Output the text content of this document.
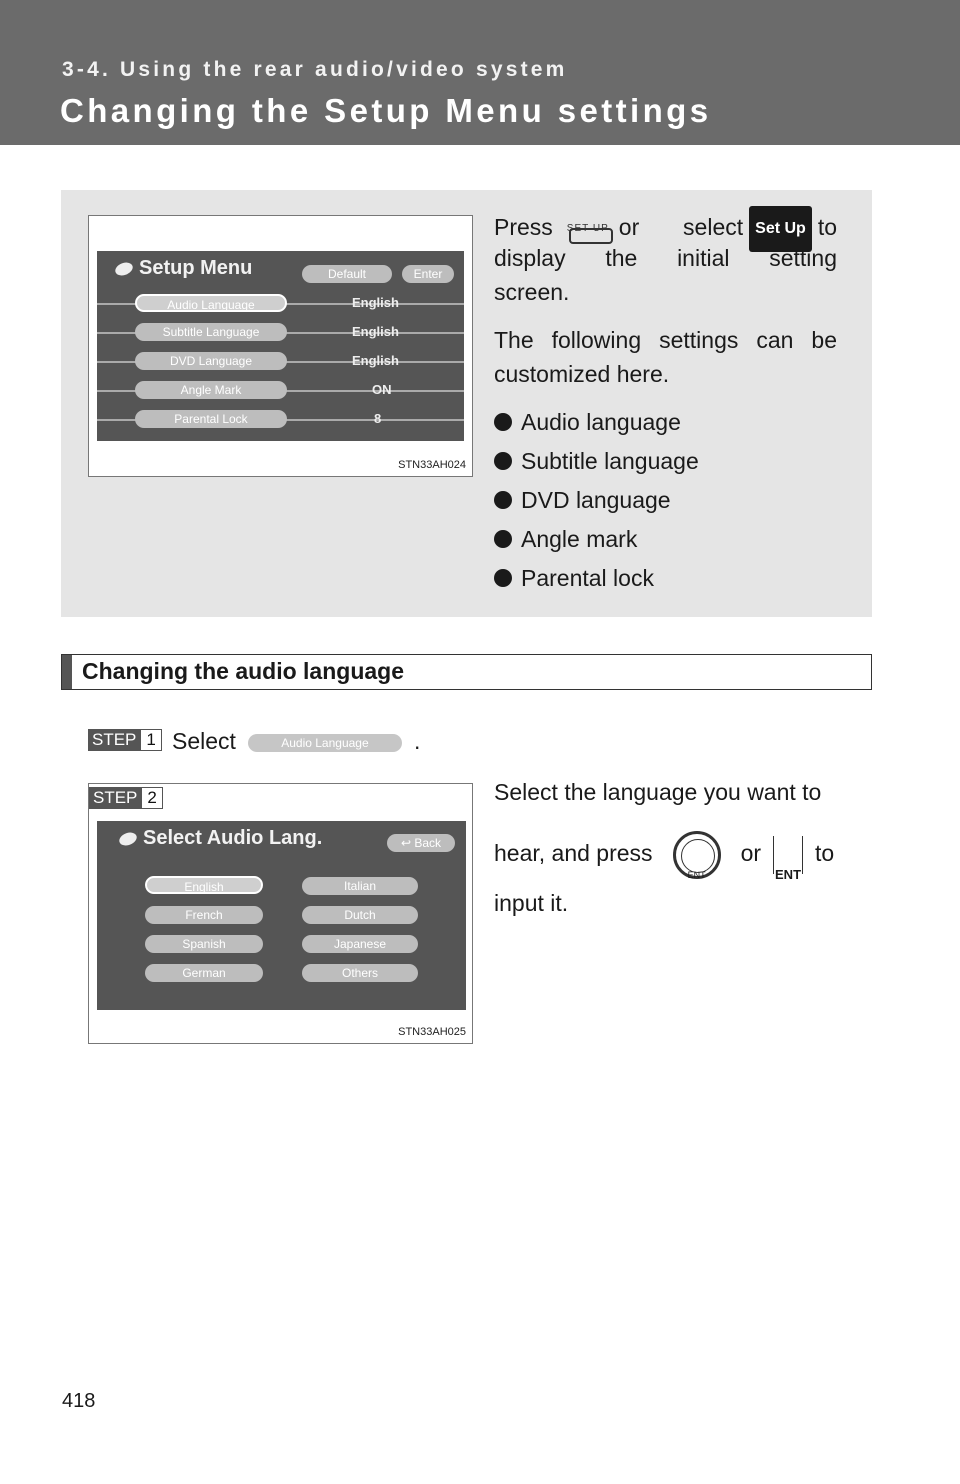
3-4. Using the rear audio/video system
Changing the Setup Menu settings
Setup Menu	Default	Enter
Audio Language	English
Subtitle Language	English
DVD Language	English
Angle Mark	ON
Parental Lock	8
STN33AH024
Press SET UP or select Set Up to
display the initial setting
screen.
The following settings can be
customized here.
Audio language
Subtitle language
DVD language
Angle mark
Parental lock
Changing the audio language
STEP 1 Select	Audio Language .
STEP 2
Select Audio Lang.	↩ Back
English	Italian
French	Dutch
Spanish	Japanese
German	Others
STN33AH025
Select the language you want to
hear, and press
ENT
or
ENT
to
input it.
418
